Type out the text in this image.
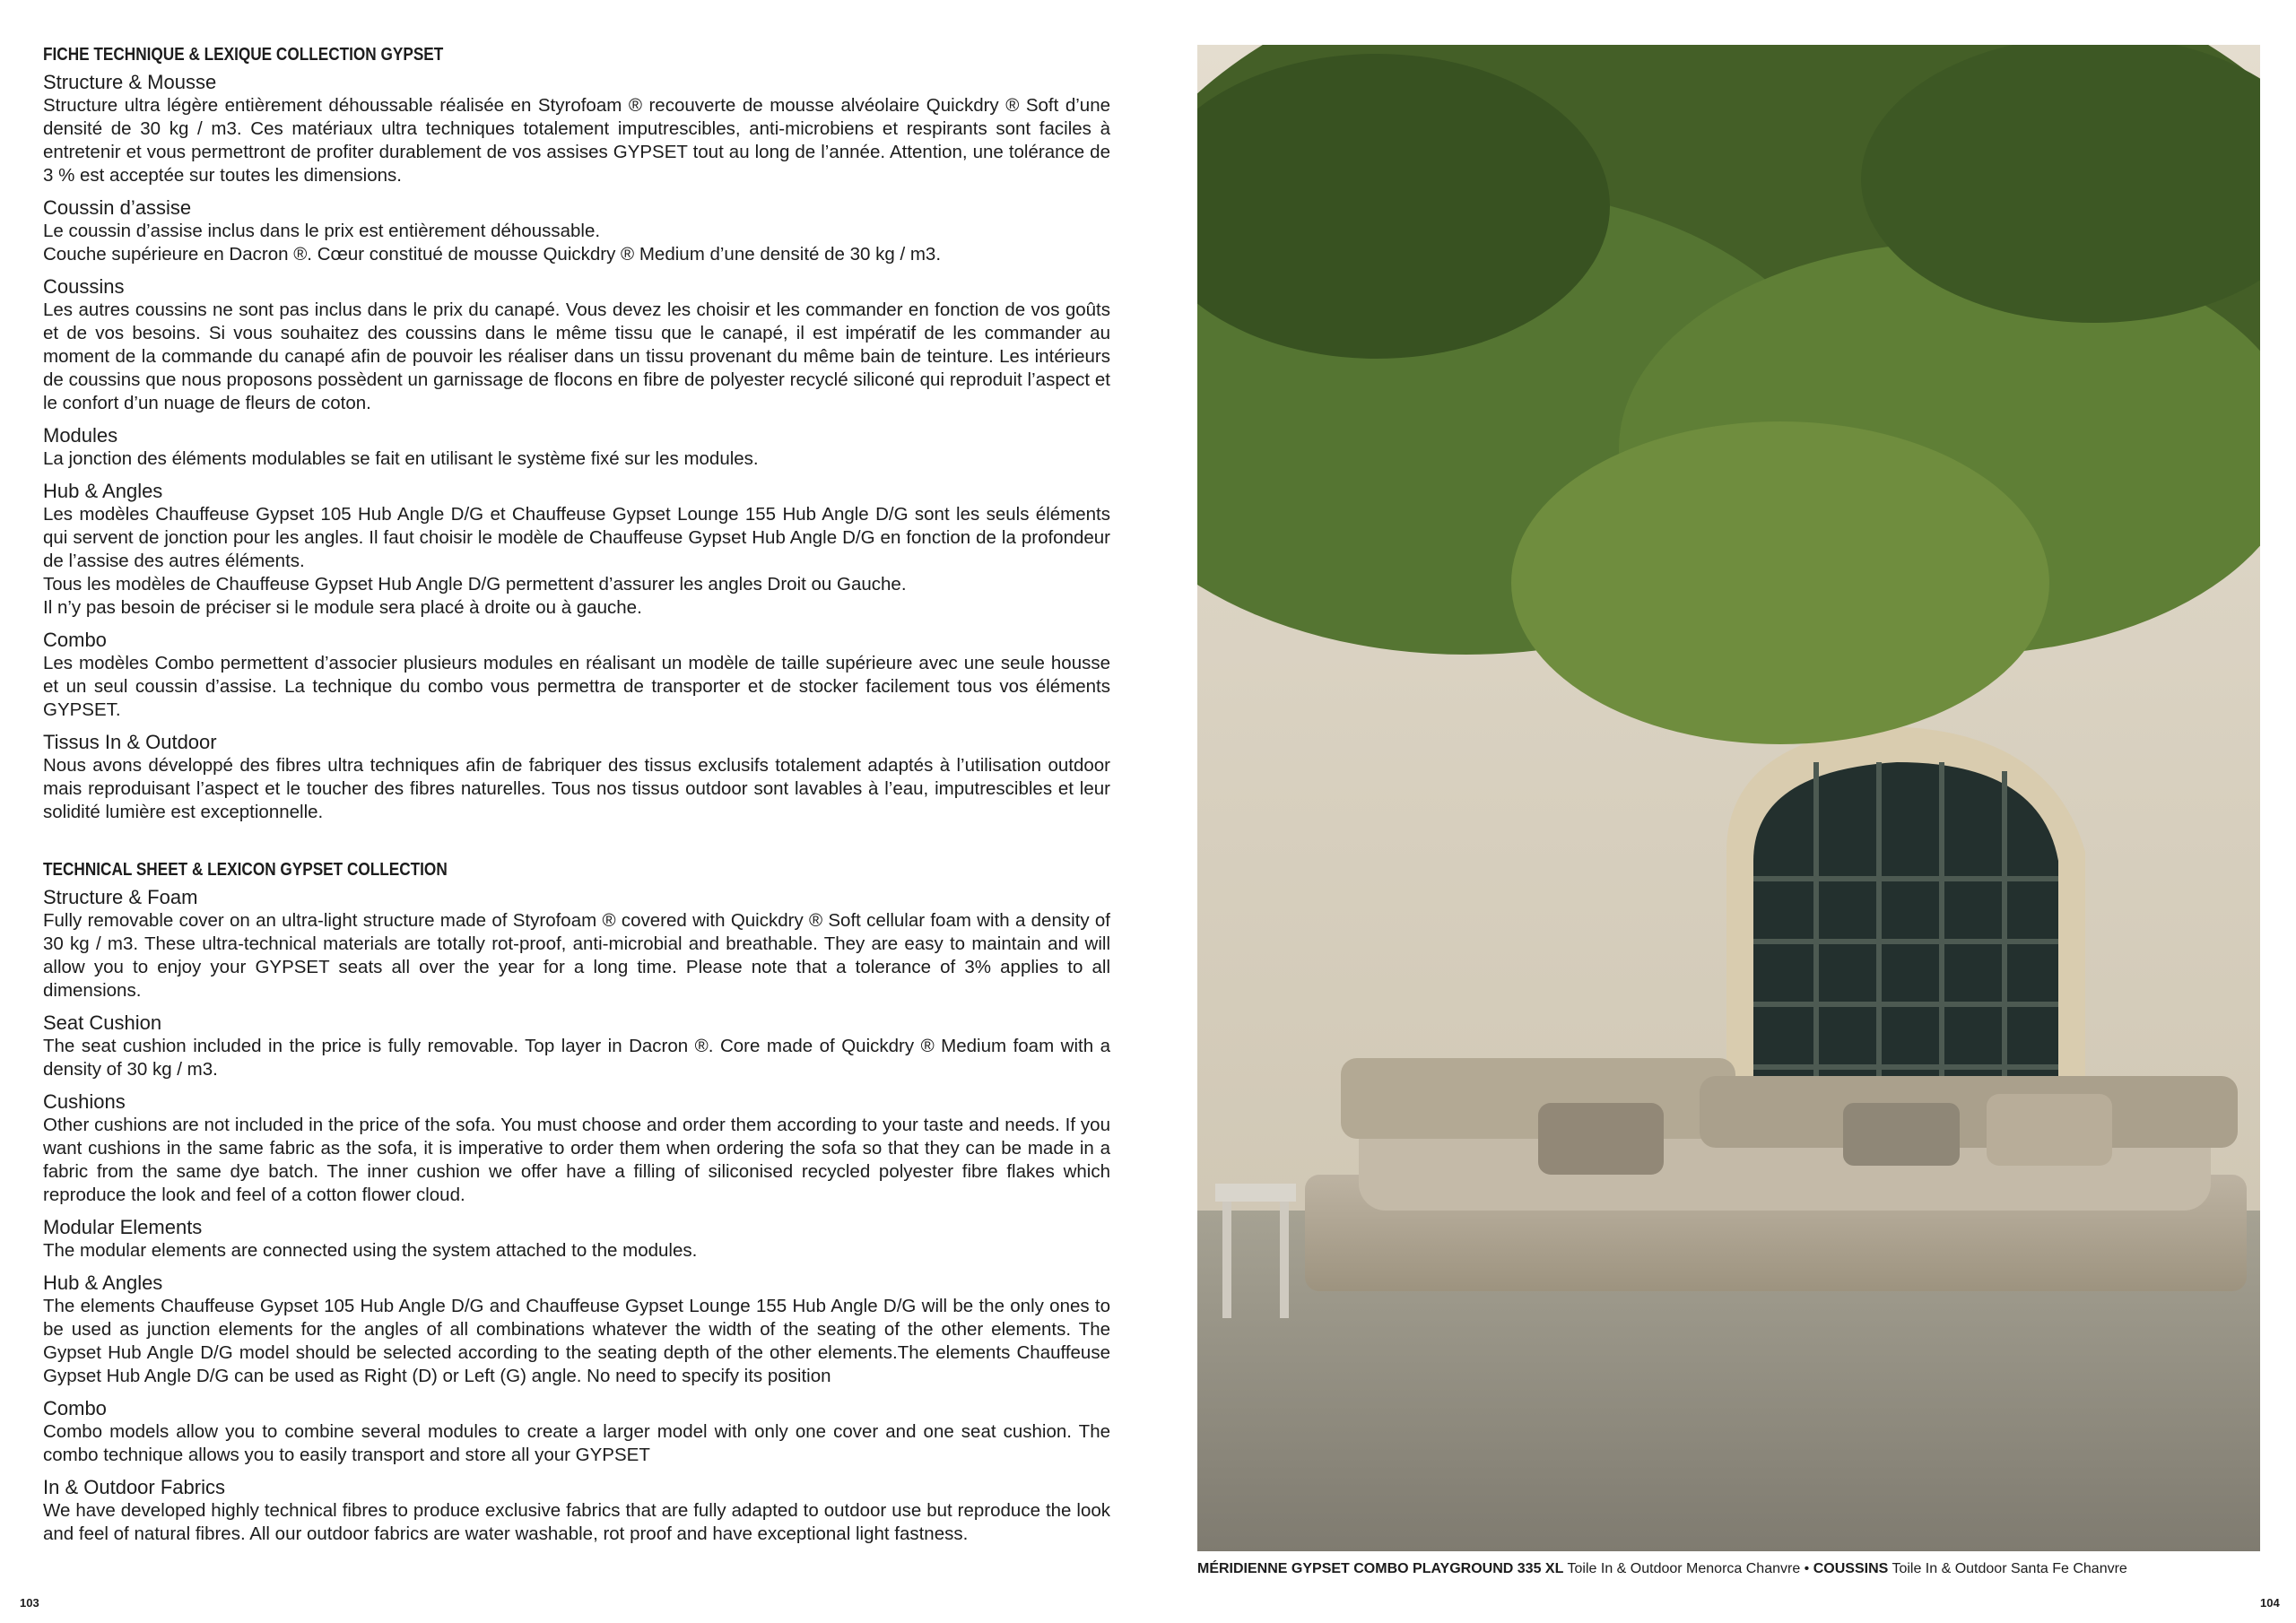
FICHE TECHNIQUE & LEXIQUE COLLECTION GYPSET
Structure & Mousse

Structure ultra légère entièrement déhoussable réalisée en Styrofoam ® recouverte de mousse alvéolaire Quickdry ® Soft d’une densité de 30 kg / m3. Ces matériaux ultra techniques totalement imputrescibles, anti-microbiens et respirants sont faciles à entretenir et vous permettront de profiter durablement de vos assises GYPSET tout au long de l’année. Attention, une tolérance de 3 % est acceptée sur toutes les dimensions.

Coussin d’assise

Le coussin d’assise inclus dans le prix est entièrement déhoussable.
Couche supérieure en Dacron ®. Cœur constitué de mousse Quickdry ® Medium d’une densité de 30 kg / m3.

Coussins

Les autres coussins ne sont pas inclus dans le prix du canapé. Vous devez les choisir et les commander en fonction de vos goûts et de vos besoins. Si vous souhaitez des coussins dans le même tissu que le canapé, il est impératif de les commander au moment de la commande du canapé afin de pouvoir les réaliser dans un tissu provenant du même bain de teinture. Les intérieurs de coussins que nous proposons possèdent un garnissage de flocons en fibre de polyester recyclé siliconé qui reproduit l’aspect et le confort d’un nuage de fleurs de coton.

Modules

La jonction des éléments modulables se fait en utilisant le système fixé sur les modules.

Hub & Angles

Les modèles Chauffeuse Gypset 105 Hub Angle D/G et Chauffeuse Gypset Lounge 155 Hub Angle D/G sont les seuls éléments qui servent de jonction pour les angles. Il faut choisir le modèle de Chauffeuse Gypset Hub Angle D/G en fonction de la profondeur de l’assise des autres éléments.
Tous les modèles de Chauffeuse Gypset Hub Angle D/G permettent d’assurer les angles Droit ou Gauche.
Il n’y pas besoin de préciser si le module sera placé à droite ou à gauche.

Combo

Les modèles Combo permettent d’associer plusieurs modules en réalisant un modèle de taille supérieure avec une seule housse et un seul coussin d’assise. La technique du combo vous permettra de transporter et de stocker facilement tous vos éléments GYPSET.

Tissus In & Outdoor

Nous avons développé des fibres ultra techniques afin de fabriquer des tissus exclusifs totalement adaptés à l’utilisation outdoor mais reproduisant l’aspect et le toucher des fibres naturelles. Tous nos tissus outdoor sont lavables à l’eau, imputrescibles et leur solidité lumière est exceptionnelle.

TECHNICAL SHEET & LEXICON GYPSET COLLECTION
Structure & Foam

Fully removable cover on an ultra-light structure made of Styrofoam ® covered with Quickdry ® Soft cellular foam with a density of 30 kg / m3. These ultra-technical materials are totally rot-proof, anti-microbial and breathable. They are easy to maintain and will allow you to enjoy your GYPSET seats all over the year for a long time. Please note that a tolerance of 3% applies to all dimensions.

Seat Cushion

The seat cushion included in the price is fully removable. Top layer in Dacron ®. Core made of Quickdry ® Medium foam with a density of 30 kg / m3.

Cushions

Other cushions are not included in the price of the sofa. You must choose and order them according to your taste and needs. If you want cushions in the same fabric as the sofa, it is imperative to order them when ordering the sofa so that they can be made in a fabric from the same dye batch. The inner cushion we offer have a filling of siliconised recycled polyester fibre flakes which reproduce the look and feel of a cotton flower cloud.

Modular Elements

The modular elements are connected using the system attached to the modules.

Hub & Angles

The elements Chauffeuse Gypset 105 Hub Angle D/G and Chauffeuse Gypset Lounge 155 Hub Angle D/G will be the only ones to be used as junction elements for the angles of all combinations whatever the width of the seating of the other elements. The Gypset Hub Angle D/G model should be selected according to the seating depth of the other elements.The elements Chauffeuse Gypset Hub Angle D/G can be used as Right (D) or Left (G) angle. No need to specify its position

Combo

Combo models allow you to combine several modules to create a larger model with only one cover and one seat cushion. The combo technique allows you to easily transport and store all your GYPSET

In & Outdoor Fabrics

We have developed highly technical fibres to produce exclusive fabrics that are fully adapted to outdoor use but reproduce the look and feel of natural fibres. All our outdoor fabrics are water washable, rot proof and have exceptional light fastness.

MÉRIDIENNE GYPSET COMBO PLAYGROUND 335 XL Toile In & Outdoor Menorca Chanvre • COUSSINS Toile In & Outdoor Santa Fe Chanvre
103	104
